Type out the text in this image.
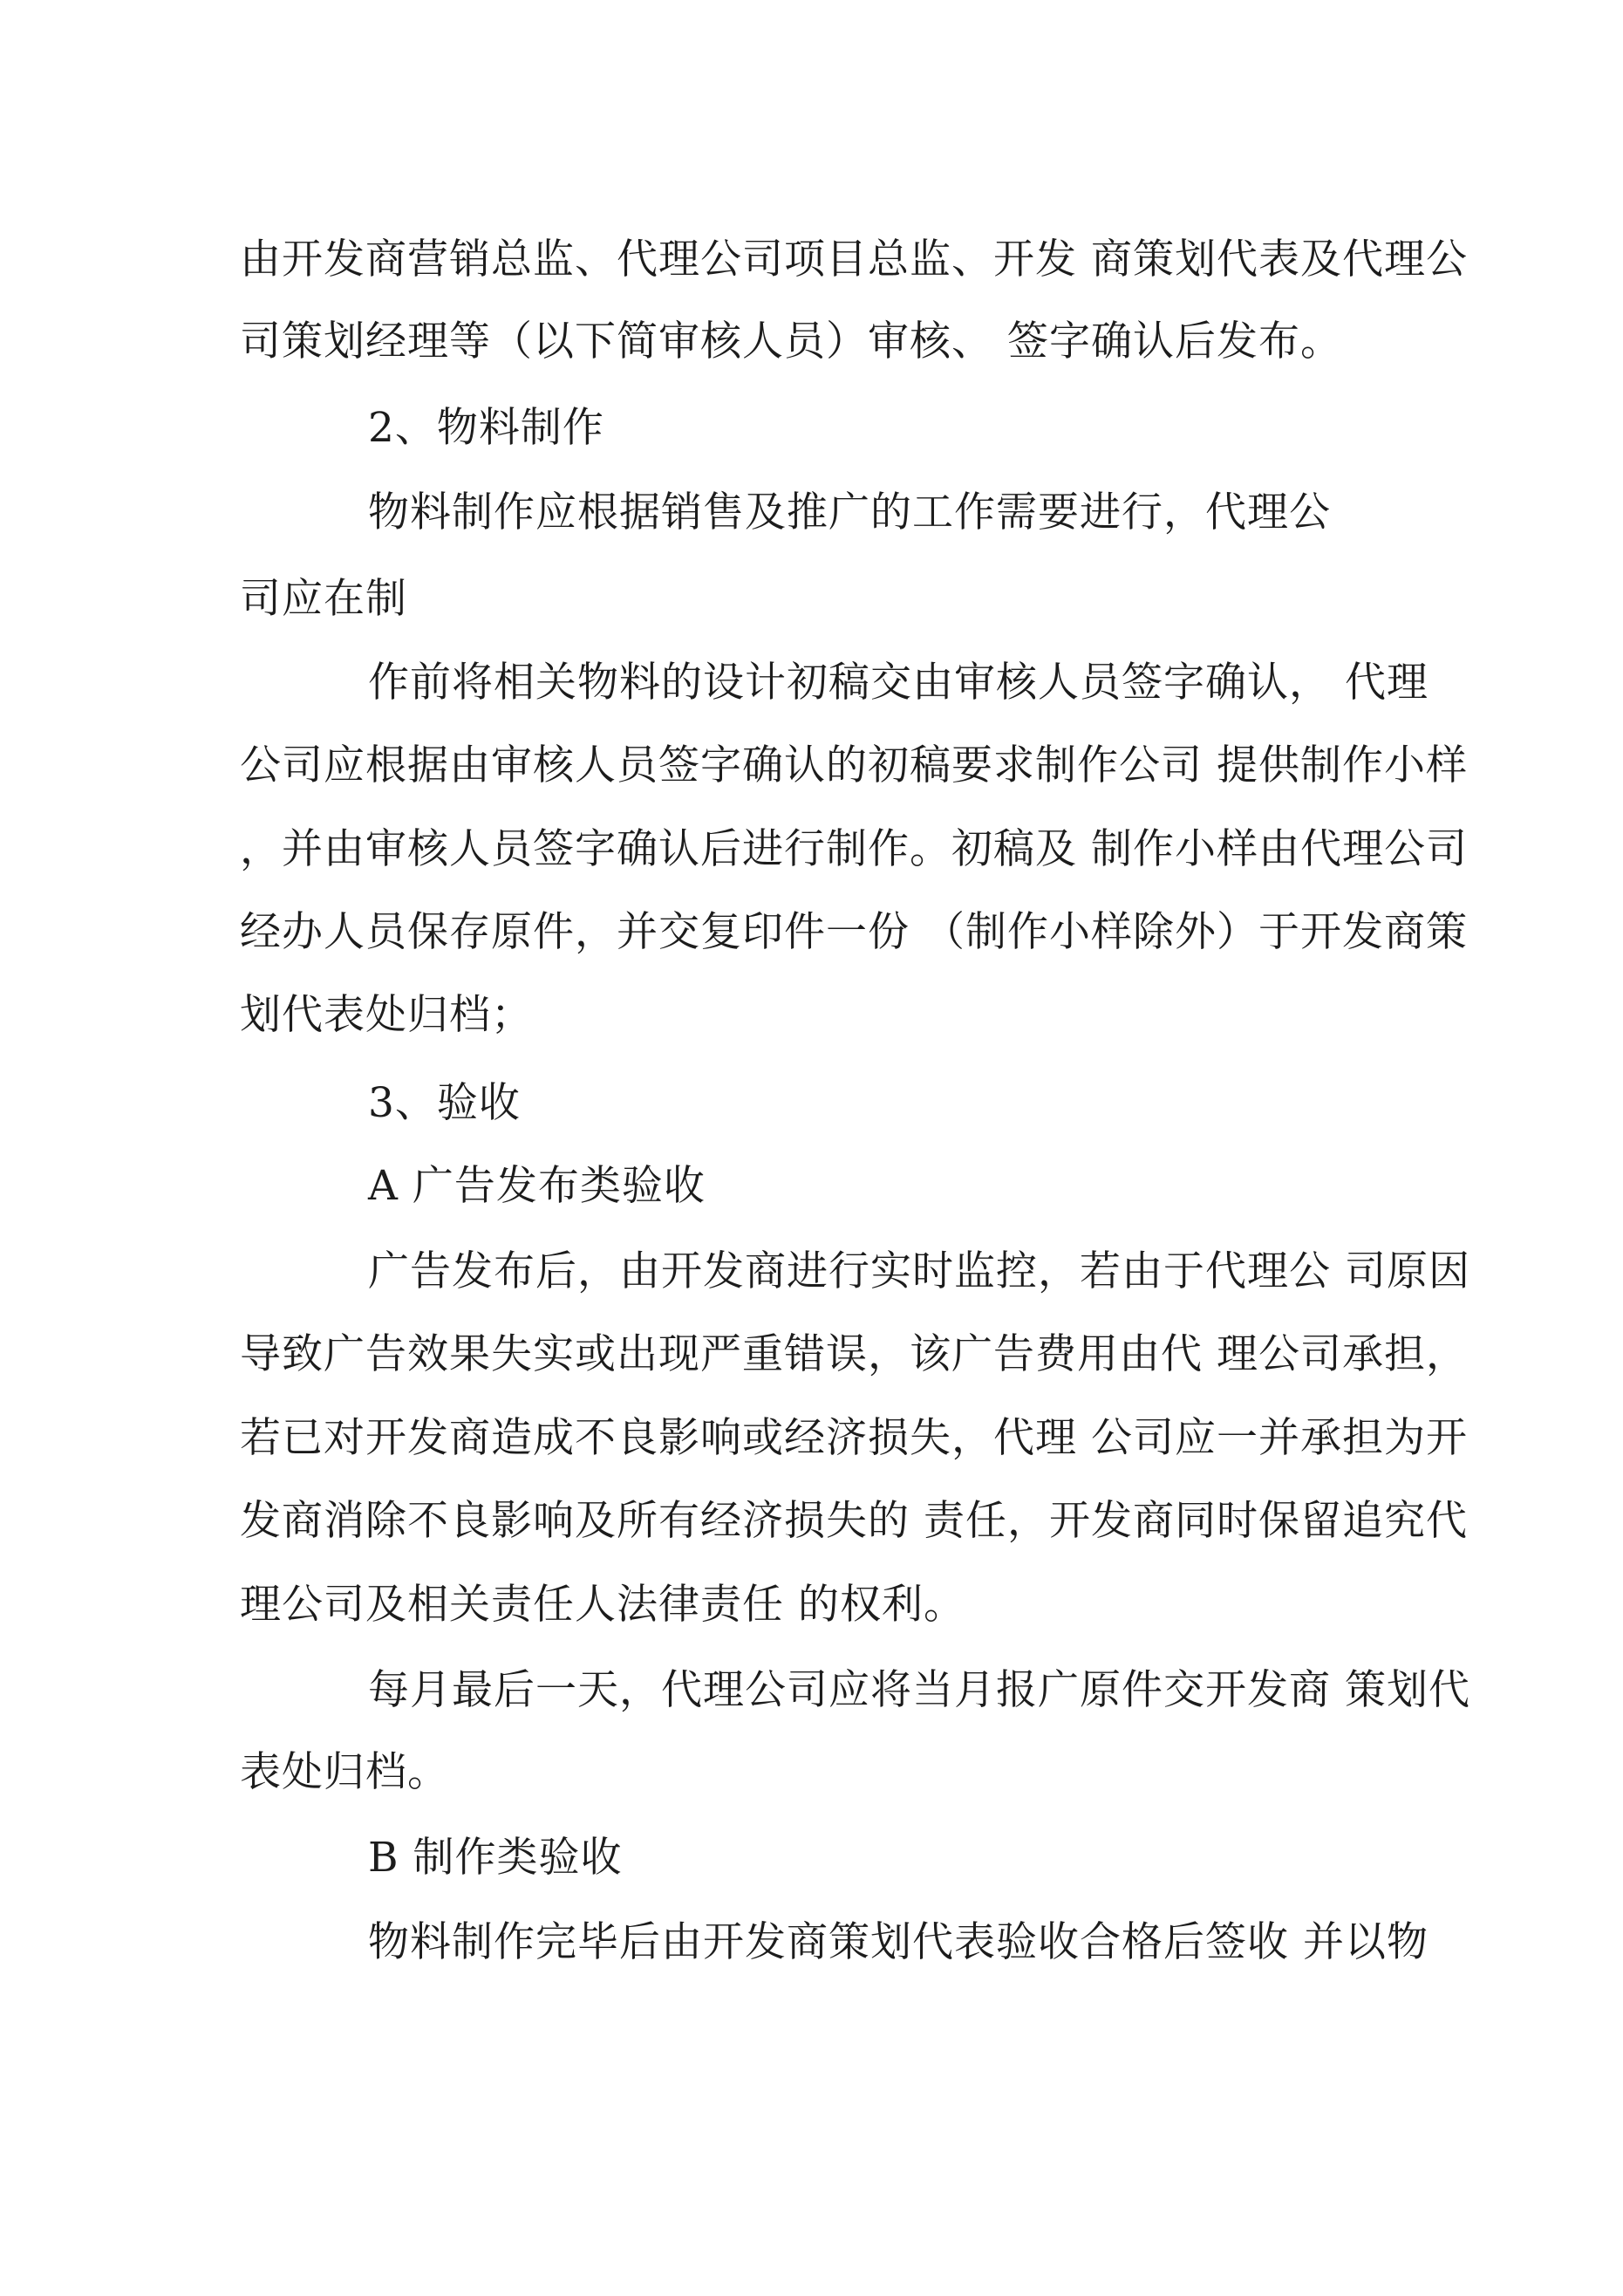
由开发商营销总监、代理公司项目总监、开发 商策划代表及代理公
司策划经理等（以下简审核人员）审核、 签字确认后发布。
2、物料制作
物料制作应根据销售及推广的工作需要进行，代理公
司应在制
作前将相关物料的设计初稿交由审核人员签字确认， 代理
公司应根据由审核人员签字确认的初稿要求制作公司 提供制作小样
，并由审核人员签字确认后进行制作。初稿及 制作小样由代理公司
经办人员保存原件，并交复印件一份 （制作小样除外）于开发商策
划代表处归档；
3、验收
A 广告发布类验收
广告发布后，由开发商进行实时监控，若由于代理公 司原因
导致广告效果失实或出现严重错误，该广告费用由代 理公司承担，
若已对开发商造成不良影响或经济损失，代理 公司应一并承担为开
发商消除不良影响及所有经济损失的 责任，开发商同时保留追究代
理公司及相关责任人法律责任 的权利。
每月最后一天，代理公司应将当月报广原件交开发商 策划代
表处归档。
B 制作类验收
物料制作完毕后由开发商策划代表验收合格后签收 并以物
